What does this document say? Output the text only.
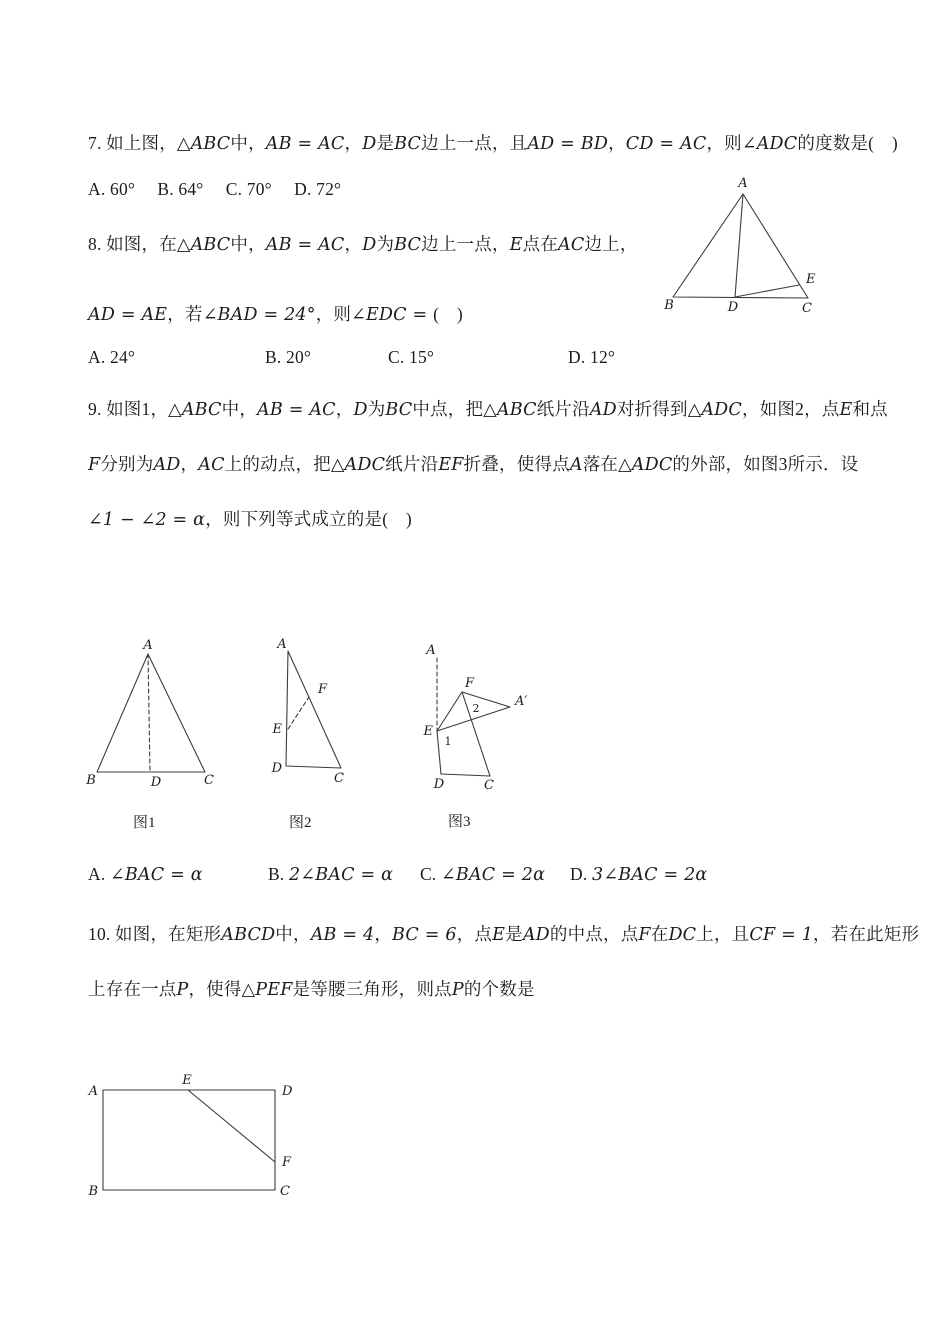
7. 如上图，△ABC中，AB = AC，D是BC边上一点，且AD = BD，CD = AC，则∠ADC的度数是(　)
A. 60°　 B. 64°　 C. 70°　 D. 72°	A
B	D	C
E
8. 如图，在△ABC中，AB = AC，D为BC边上一点，E点在AC边上，
AD = AE，若∠BAD = 24°，则∠EDC = (　)

A. 24°

	B. 20°

	C. 15°

	D. 12°

9. 如图1，△ABC中，AB = AC，D为BC中点，把△ABC纸片沿AD对折得到△ADC，如图2，点E和点
F分别为AD，AC上的动点，把△ADC纸片沿EF折叠，使得点A落在△ADC的外部，如图3所示．设
∠1 − ∠2 = α，则下列等式成立的是(　)
A
B	D	C
图1
A
F
E
D
C
图2
A
F
A′
E
D	C
1
2
图3

A. ∠BAC = α

	B. 2∠BAC = α

C. ∠BAC = 2α

D. 3∠BAC = 2α

10. 如图，在矩形ABCD中，AB = 4，BC = 6，点E是AD的中点，点F在DC上，且CF = 1，若在此矩形
上存在一点P，使得△PEF是等腰三角形，则点P的个数是
A
E
D
B	C
F
